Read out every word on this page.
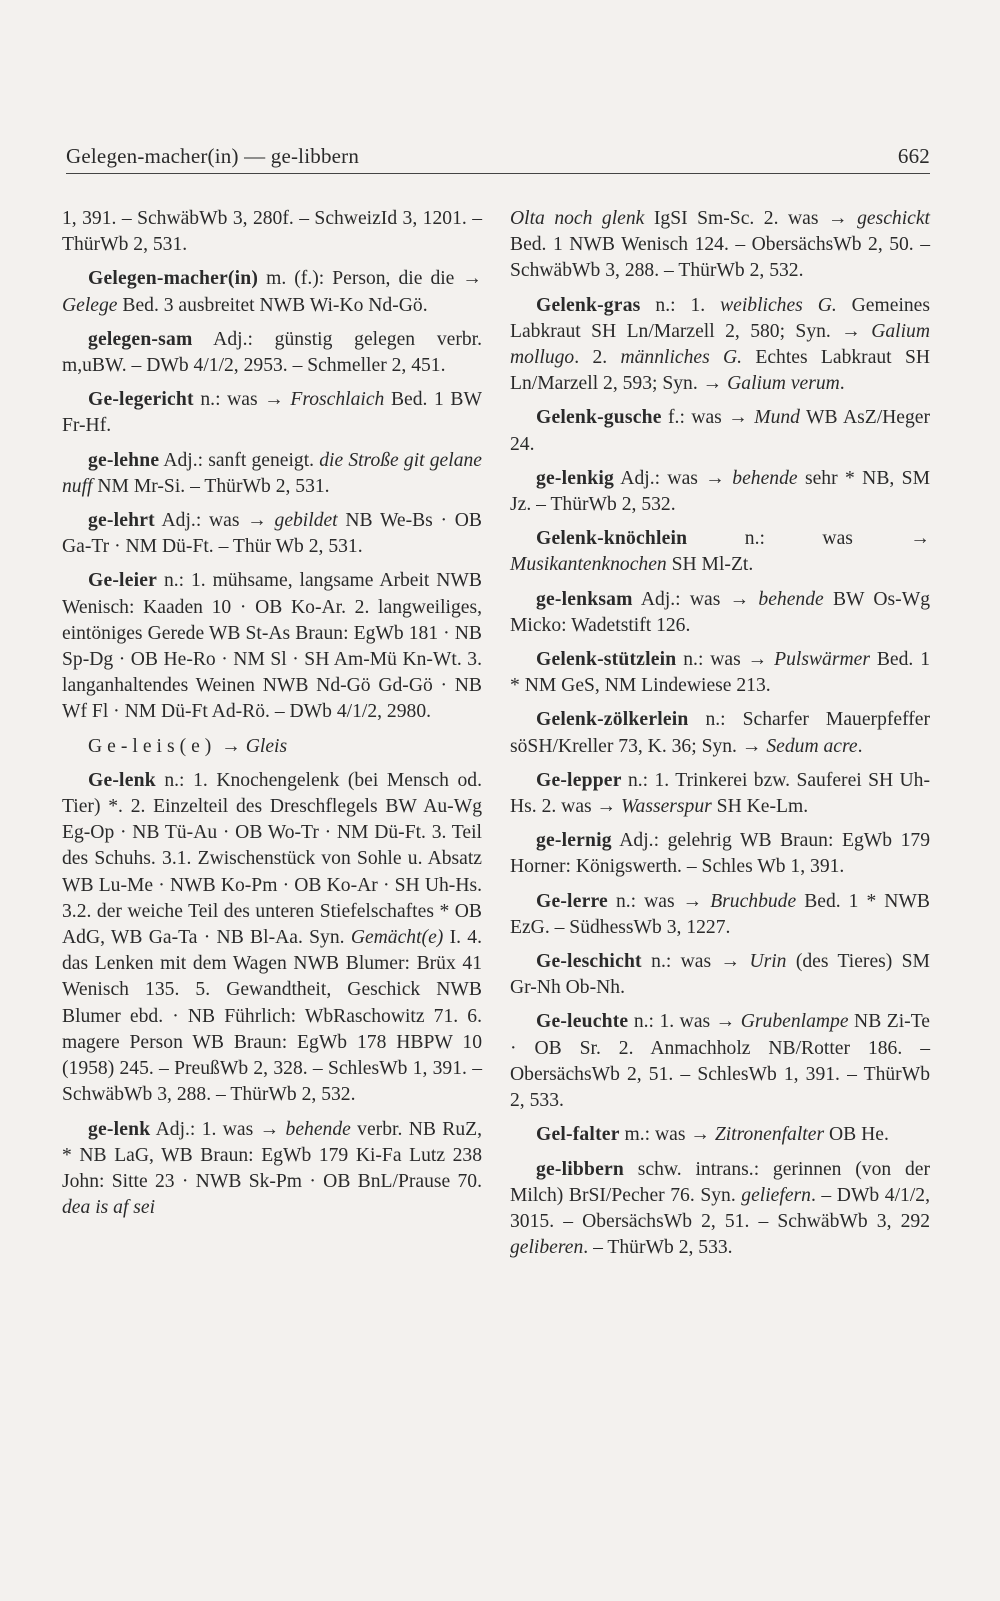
Gelegen-macher(in) — ge-libbern	662

1, 391. – SchwäbWb 3, 280f. – SchweizId 3, 1201. – ThürWb 2, 531.

Gelegen-macher(in) m. (f.): Person, die die → Gelege Bed. 3 ausbreitet NWB Wi-Ko Nd-Gö.

gelegen-sam Adj.: günstig gelegen verbr. m,uBW. – DWb 4/1/2, 2953. – Schmeller 2, 451.

Ge-legericht n.: was → Froschlaich Bed. 1 BW Fr-Hf.

ge-lehne Adj.: sanft geneigt. die Stroße git gelane nuff NM Mr-Si. – ThürWb 2, 531.

ge-lehrt Adj.: was → gebildet NB We-Bs · OB Ga-Tr · NM Dü-Ft. – Thür Wb 2, 531.

Ge-leier n.: 1. mühsame, langsame Arbeit NWB Wenisch: Kaaden 10 · OB Ko-Ar. 2. langweiliges, eintöniges Gerede WB St-As Braun: EgWb 181 · NB Sp-Dg · OB He-Ro · NM Sl · SH Am-Mü Kn-Wt. 3. langanhaltendes Weinen NWB Nd-Gö Gd-Gö · NB Wf Fl · NM Dü-Ft Ad-Rö. – DWb 4/1/2, 2980.

Ge-leis(e) → Gleis

Ge-lenk n.: 1. Knochengelenk (bei Mensch od. Tier) *. 2. Einzelteil des Dreschflegels BW Au-Wg Eg-Op · NB Tü-Au · OB Wo-Tr · NM Dü-Ft. 3. Teil des Schuhs. 3.1. Zwischenstück von Sohle u. Absatz WB Lu-Me · NWB Ko-Pm · OB Ko-Ar · SH Uh-Hs. 3.2. der weiche Teil des unteren Stiefelschaftes * OB AdG, WB Ga-Ta · NB Bl-Aa. Syn. Gemächt(e) I. 4. das Lenken mit dem Wagen NWB Blumer: Brüx 41 Wenisch 135. 5. Gewandtheit, Geschick NWB Blumer ebd. · NB Führlich: WbRaschowitz 71. 6. magere Person WB Braun: EgWb 178 HBPW 10 (1958) 245. – PreußWb 2, 328. – SchlesWb 1, 391. – SchwäbWb 3, 288. – ThürWb 2, 532.

ge-lenk Adj.: 1. was → behende verbr. NB RuZ, * NB LaG, WB Braun: EgWb 179 Ki-Fa Lutz 238 John: Sitte 23 · NWB Sk-Pm · OB BnL/Prause 70. dea is af sei

Olta noch glenk IgSI Sm-Sc. 2. was → geschickt Bed. 1 NWB Wenisch 124. – ObersächsWb 2, 50. – SchwäbWb 3, 288. – ThürWb 2, 532.

Gelenk-gras n.: 1. weibliches G. Gemeines Labkraut SH Ln/Marzell 2, 580; Syn. → Galium mollugo. 2. männliches G. Echtes Labkraut SH Ln/Marzell 2, 593; Syn. → Galium verum.

Gelenk-gusche f.: was → Mund WB AsZ/Heger 24.

ge-lenkig Adj.: was → behende sehr * NB, SM Jz. – ThürWb 2, 532.

Gelenk-knöchlein n.: was → Musikantenknochen SH Ml-Zt.

ge-lenksam Adj.: was → behende BW Os-Wg Micko: Wadetstift 126.

Gelenk-stützlein n.: was → Pulswärmer Bed. 1 * NM GeS, NM Lindewiese 213.

Gelenk-zölkerlein n.: Scharfer Mauerpfeffer söSH/Kreller 73, K. 36; Syn. → Sedum acre.

Ge-lepper n.: 1. Trinkerei bzw. Sauferei SH Uh-Hs. 2. was → Wasserspur SH Ke-Lm.

ge-lernig Adj.: gelehrig WB Braun: EgWb 179 Horner: Königswerth. – Schles Wb 1, 391.

Ge-lerre n.: was → Bruchbude Bed. 1 * NWB EzG. – SüdhessWb 3, 1227.

Ge-leschicht n.: was → Urin (des Tieres) SM Gr-Nh Ob-Nh.

Ge-leuchte n.: 1. was → Grubenlampe NB Zi-Te · OB Sr. 2. Anmachholz NB/Rotter 186. – ObersächsWb 2, 51. – SchlesWb 1, 391. – ThürWb 2, 533.

Gel-falter m.: was → Zitronenfalter OB He.

ge-libbern schw. intrans.: gerinnen (von der Milch) BrSI/Pecher 76. Syn. geliefern. – DWb 4/1/2, 3015. – ObersächsWb 2, 51. – SchwäbWb 3, 292 geliberen. – ThürWb 2, 533.
